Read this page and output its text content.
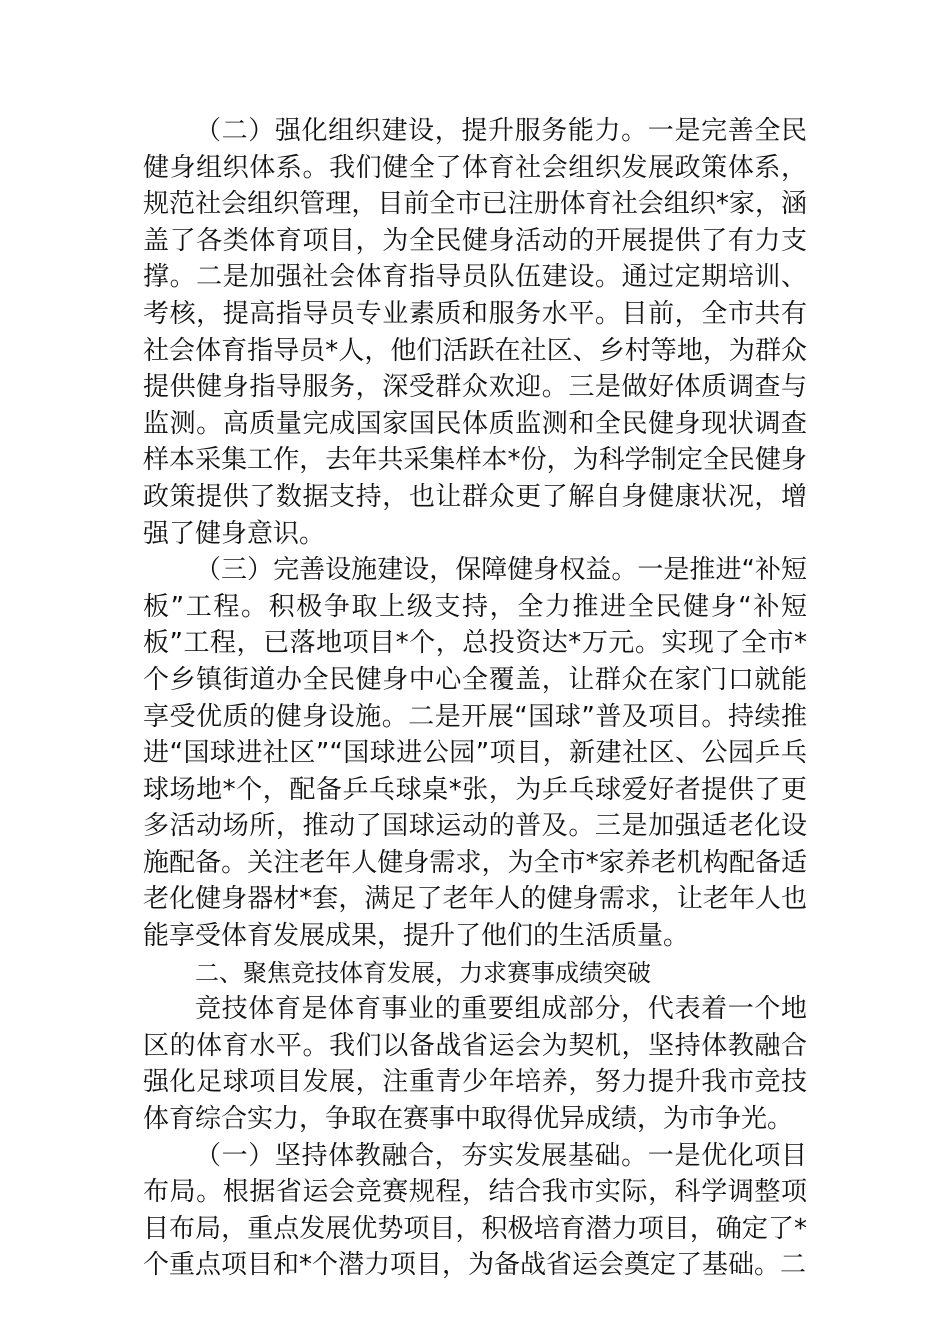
（二）强化组织建设，提升服务能力。一是完善全民健身组织体系。我们健全了体育社会组织发展政策体系，规范社会组织管理，目前全市已注册体育社会组织*家，涵盖了各类体育项目，为全民健身活动的开展提供了有力支撑。二是加强社会体育指导员队伍建设。通过定期培训、考核，提高指导员专业素质和服务水平。目前，全市共有社会体育指导员*人，他们活跃在社区、乡村等地，为群众提供健身指导服务，深受群众欢迎。三是做好体质调查与监测。高质量完成国家国民体质监测和全民健身现状调查样本采集工作，去年共采集样本*份，为科学制定全民健身政策提供了数据支持，也让群众更了解自身健康状况，增强了健身意识。

（三）完善设施建设，保障健身权益。一是推进“补短板”工程。积极争取上级支持，全力推进全民健身“补短板”工程，已落地项目*个，总投资达*万元。实现了全市*个乡镇街道办全民健身中心全覆盖，让群众在家门口就能享受优质的健身设施。二是开展“国球”普及项目。持续推进“国球进社区”“国球进公园”项目，新建社区、公园乒乓球场地*个，配备乒乓球桌*张，为乒乓球爱好者提供了更多活动场所，推动了国球运动的普及。三是加强适老化设施配备。关注老年人健身需求，为全市*家养老机构配备适老化健身器材*套，满足了老年人的健身需求，让老年人也能享受体育发展成果，提升了他们的生活质量。

二、聚焦竞技体育发展，力求赛事成绩突破

竞技体育是体育事业的重要组成部分，代表着一个地区的体育水平。我们以备战省运会为契机，坚持体教融合强化足球项目发展，注重青少年培养，努力提升我市竞技体育综合实力，争取在赛事中取得优异成绩，为市争光。

（一）坚持体教融合，夯实发展基础。一是优化项目布局。根据省运会竞赛规程，结合我市实际，科学调整项目布局，重点发展优势项目，积极培育潜力项目，确定了*个重点项目和*个潜力项目，为备战省运会奠定了基础。二
